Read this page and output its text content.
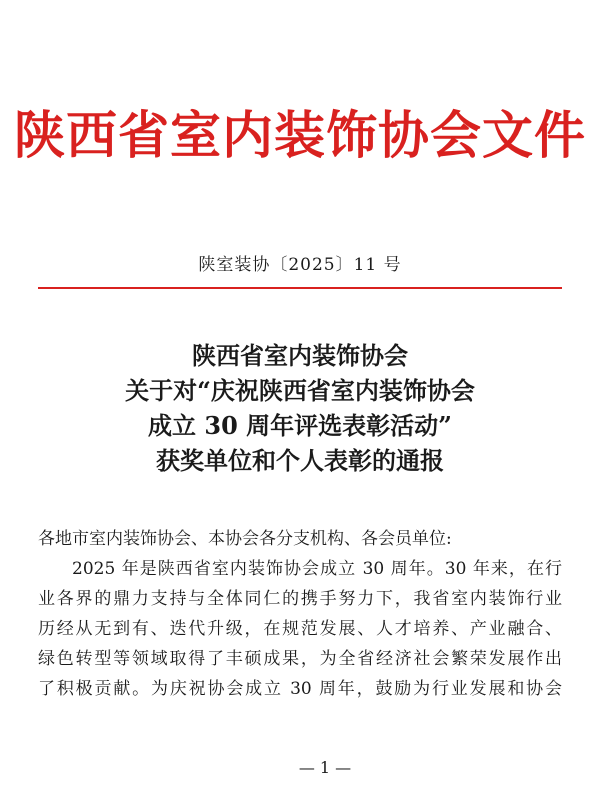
陕西省室内装饰协会文件
陕室装协〔2025〕11 号
陕西省室内装饰协会
关于对“庆祝陕西省室内装饰协会
成立 30 周年评选表彰活动”
获奖单位和个人表彰的通报
各地市室内装饰协会、本协会各分支机构、各会员单位:
2025 年是陕西省室内装饰协会成立 30 周年。30 年来，在行
业各界的鼎力支持与全体同仁的携手努力下，我省室内装饰行业
历经从无到有、迭代升级，在规范发展、人才培养、产业融合、
绿色转型等领域取得了丰硕成果，为全省经济社会繁荣发展作出
了积极贡献。为庆祝协会成立 30 周年，鼓励为行业发展和协会
— 1 —
